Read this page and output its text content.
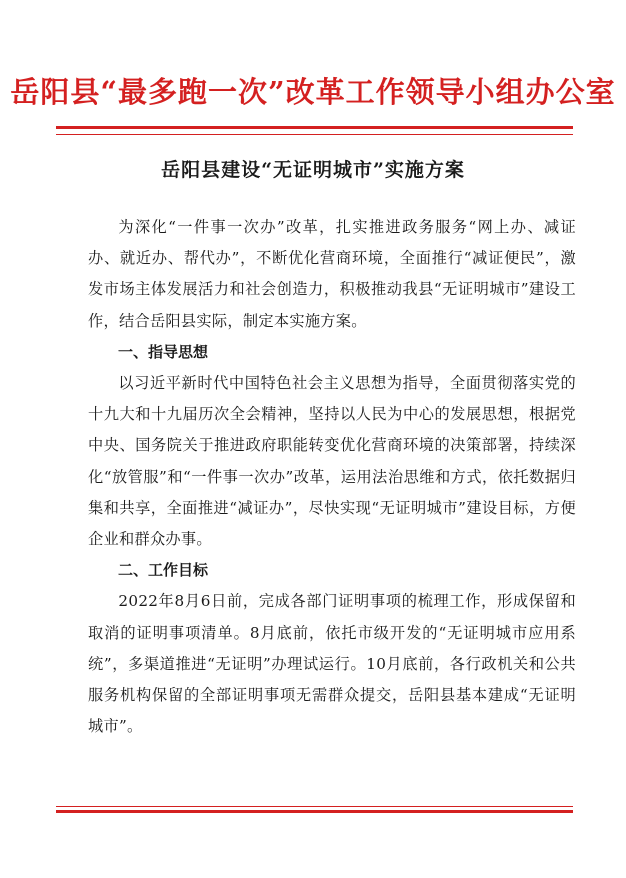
岳阳县“最多跑一次”改革工作领导小组办公室
岳阳县建设“无证明城市”实施方案

为深化“一件事一次办”改革，扎实推进政务服务“网上办、减证办、就近办、帮代办”，不断优化营商环境，全面推行“减证便民”，激发市场主体发展活力和社会创造力，积极推动我县“无证明城市”建设工作，结合岳阳县实际，制定本实施方案。

一、指导思想

以习近平新时代中国特色社会主义思想为指导，全面贯彻落实党的十九大和十九届历次全会精神，坚持以人民为中心的发展思想，根据党中央、国务院关于推进政府职能转变优化营商环境的决策部署，持续深化“放管服”和“一件事一次办”改革，运用法治思维和方式，依托数据归集和共享，全面推进“减证办”，尽快实现“无证明城市”建设目标，方便企业和群众办事。

二、工作目标

2022年8月6日前，完成各部门证明事项的梳理工作，形成保留和取消的证明事项清单。8月底前，依托市级开发的“无证明城市应用系统”，多渠道推进“无证明”办理试运行。10月底前，各行政机关和公共服务机构保留的全部证明事项无需群众提交，岳阳县基本建成“无证明城市”。
